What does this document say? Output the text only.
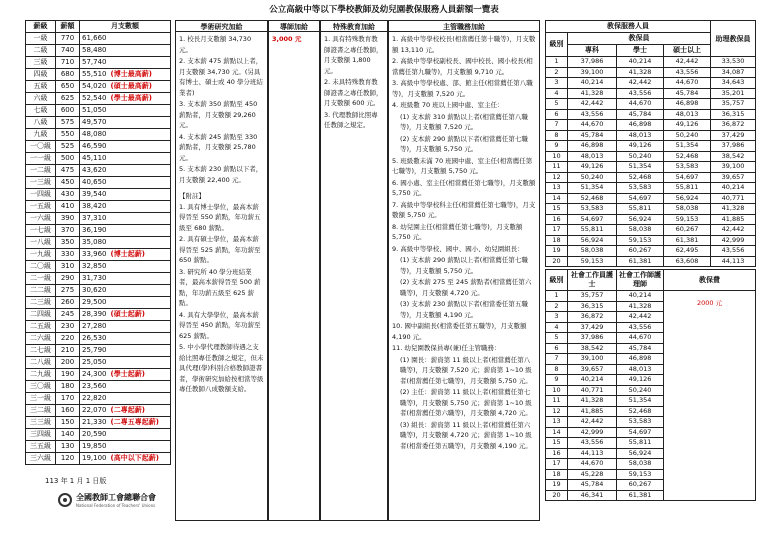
公立高級中等以下學校教師及幼兒園教保服務人員薪額一覽表
薪級	薪額	月支數額
一級	770	61,660
二級	740	58,480
三級	710	57,740
四級	680	55,510 (博士最高薪)
五級	650	54,020 (碩士最高薪)
六級	625	52,540 (學士最高薪)
七級	600	51,050
八級	575	49,570
九級	550	48,080
一〇級	525	46,590
一一級	500	45,110
一二級	475	43,620
一三級	450	40,650
一四級	430	39,540
一五級	410	38,420
一六級	390	37,310
一七級	370	36,190
一八級	350	35,080
一九級	330	33,960 (博士起薪)
二〇級	310	32,850
二一級	290	31,730
二二級	275	30,620
二三級	260	29,500
二四級	245	28,390 (碩士起薪)
二五級	230	27,280
二六級	220	26,530
二七級	210	25,790
二八級	200	25,050
二九級	190	24,300 (學士起薪)
三〇級	180	23,560
三一級	170	22,820
三二級	160	22,070 (二專起薪)
三三級	150	21,330 (二專五專起薪)
三四級	140	20,590
三五級	130	19,850
三六級	120	19,100 (高中以下起薪)
113 年 1 月 1 日版
全國教師工會總聯合會
National Federation of Teachers' Unions
學術研究加給
1. 校長月支數額 34,730 元。
2. 支本薪 475 薪點以上者，月支數額 34,730 元。(另具有博士、碩士或 40 學分班結業者)
3. 支本薪 350 薪點至 450 薪點者，月支數額 29,260 元。
4. 支本薪 245 薪點至 330 薪點者，月支數額 25,780 元。
5. 支本薪 230 薪點以下者，月支數額 22,400 元。
【附註】
1. 具有博士學位，最高本薪得晉至 550 薪點，年功薪五級至 680 薪點。
2. 具有碩士學位，最高本薪得晉至 525 薪點，年功薪至 650 薪點。
3. 研究所 40 學分班結業者，最高本薪得晉至 500 薪點，年功薪五級至 625 薪點。
4. 具有大學學位，最高本薪得晉至 450 薪點，年功薪至 625 薪點。
5. 中小學代理教師待遇之支給比照專任教師之規定，但未具代理(學)科別合格教師證書者，學術研究加給按相當等級專任教師八成數額支給。
導師加給
3,000 元
特殊教育加給
1. 具有特殊教育教師證書之專任教師，月支數額 1,800 元。
2. 未具特殊教育教師證書之專任教師，月支數額 600 元。
3. 代理教師比照專任教師之規定。
主管職務加給
1. 高級中等學校校長(相當薦任第十職等)，月支數額 13,110 元。
2. 高級中等學校副校長、國中校長、國小校長(相當薦任第九職等)，月支數額 9,710 元。
3. 高級中等學校處、部、館主任(相當薦任第八職等)，月支數額 7,520 元。
4. 班級數 70 班以上國中處、室主任：
(1) 支本薪 310 薪點以上者(相當薦任第八職等)，月支數額 7,520 元。
(2) 支本薪 290 薪點以下者(相當薦任第七職等)，月支數額 5,750 元。
5. 班級數未滿 70 班國中處、室主任(相當薦任第七職等)，月支數額 5,750 元。
6. 國小處、室主任(相當薦任第七職等)，月支數額 5,750 元。
7. 高級中等學校科主任(相當薦任第七職等)，月支數額 5,750 元。
8. 幼兒園主任(相當薦任第七職等)，月支數額 5,750 元。
9. 高級中等學校、國中、國小、幼兒園組長：
(1) 支本薪 290 薪點以上者(相當薦任第七職等)，月支數額 5,750 元。
(2) 支本薪 275 至 245 薪點者(相當薦任第六職等)，月支數額 4,720 元。
(3) 支本薪 230 薪點以下者(相當委任第五職等)，月支數額 4,190 元。
10. 國中副組長(相當委任第五職等)，月支數額 4,190 元。
11. 幼兒園教保員專(兼)任主管職務：
(1) 園長：薪資第 11 級以上者(相當薦任第八職等)，月支數額 7,520 元；薪資第 1~10 級者(相當薦任第七職等)，月支數額 5,750 元。
(2) 主任：薪資第 11 級以上者(相當薦任第七職等)，月支數額 5,750 元；薪資第 1~10 級者(相當薦任第六職等)，月支數額 4,720 元。
(3) 組長：薪資第 11 級以上者(相當薦任第六職等)，月支數額 4,720 元；薪資第 1~10 級者(相當委任第五職等)，月支數額 4,190 元。
教保服務人員				助理教保員
級別	教保員			
	專科	學士	碩士以上	
1	37,986	40,214	42,442	33,530
2	39,100	41,328	43,556	34,087
3	40,214	42,442	44,670	34,643
4	41,328	43,556	45,784	35,201
5	42,442	44,670	46,898	35,757
6	43,556	45,784	48,013	36,315
7	44,670	46,898	49,126	36,872
8	45,784	48,013	50,240	37,429
9	46,898	49,126	51,354	37,986
10	48,013	50,240	52,468	38,542
11	49,126	51,354	53,583	39,100
12	50,240	52,468	54,697	39,657
13	51,354	53,583	55,811	40,214
14	52,468	54,697	56,924	40,771
15	53,583	55,811	58,038	41,328
16	54,697	56,924	59,153	41,885
17	55,811	58,038	60,267	42,442
18	56,924	59,153	61,381	42,999
19	58,038	60,267	62,495	43,556
20	59,153	61,381	63,608	44,113
級別	社會工作員護士	社會工作師護理師	教保費
1	35,757	40,214	2000 元
2	36,315	41,328	
3	36,872	42,442	
4	37,429	43,556	
5	37,986	44,670	
6	38,542	45,784	
7	39,100	46,898	
8	39,657	48,013	
9	40,214	49,126	
10	40,771	50,240	
11	41,328	51,354	
12	41,885	52,468	
13	42,442	53,583	
14	42,999	54,697	
15	43,556	55,811	
16	44,113	56,924	
17	44,670	58,038	
18	45,228	59,153	
19	45,784	60,267	
20	46,341	61,381	
